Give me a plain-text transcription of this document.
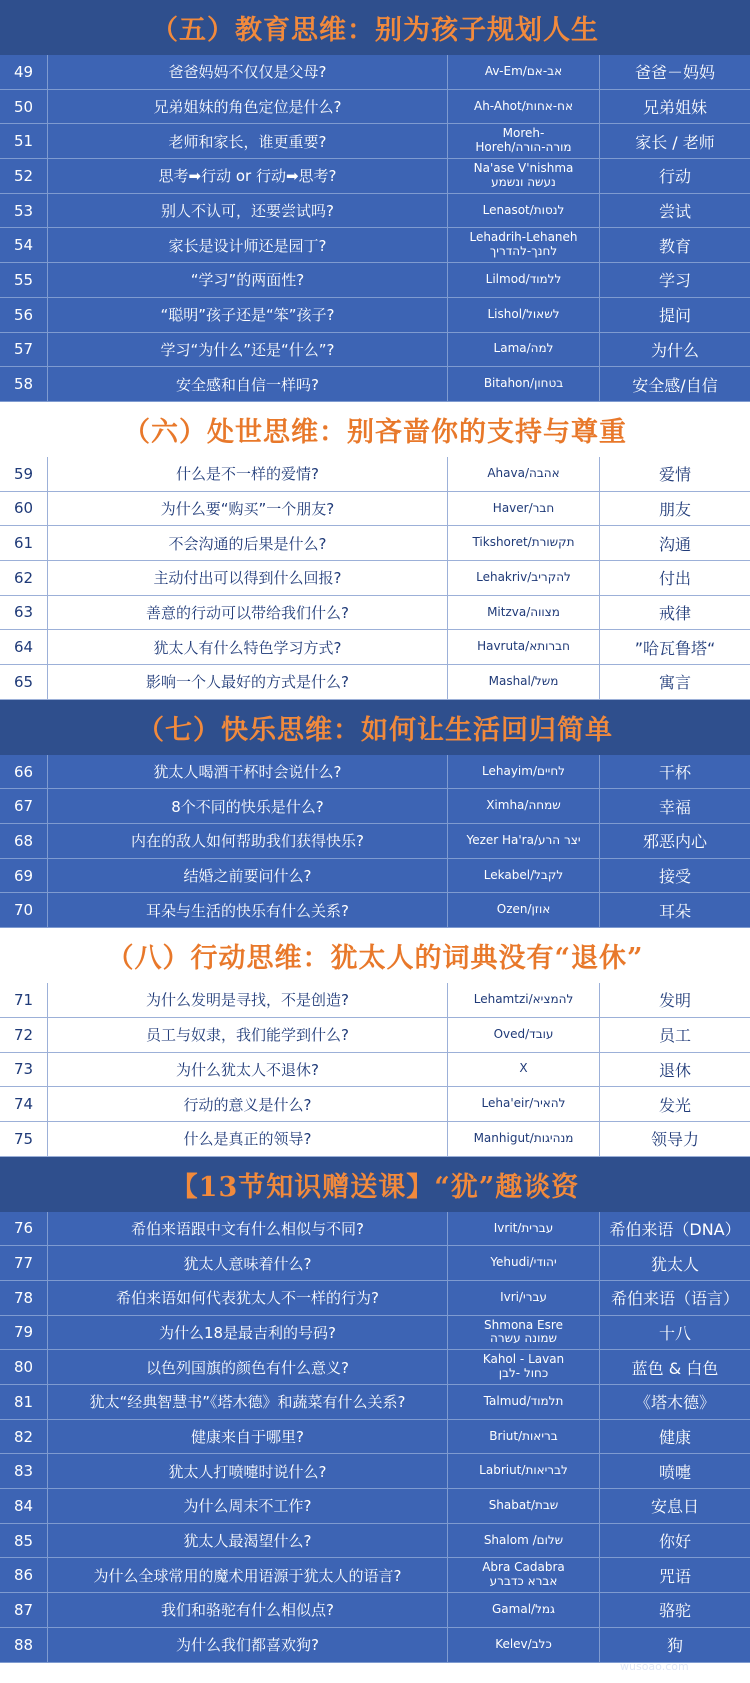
（五）教育思维：别为孩子规划人生
49	爸爸妈妈不仅仅是父母?	Av-Em/אב-אם	爸爸－妈妈
50	兄弟姐妹的角色定位是什么?	Ah-Ahot/אח-אחות	兄弟姐妹
51	老师和家长，谁更重要?	Moreh-
Horeh/מורה-הורה	家长 / 老师
52	思考➡行动 or 行动➡思考?	Na'ase V'nishma
נעשה ונשמע	行动
53	别人不认可，还要尝试吗?	Lenasot/לנסות	尝试
54	家长是设计师还是园丁?	Lehadrih-Lehaneh
לחנך-להדריך	教育
55	“学习”的两面性?	Lilmod/ללמוד	学习
56	“聪明”孩子还是“笨”孩子?	Lishol/לשאול	提问
57	学习“为什么”还是“什么”?	Lama/למה	为什么
58	安全感和自信一样吗?	Bitahon/בטחון	安全感/自信
（六）处世思维：别吝啬你的支持与尊重
59	什么是不一样的爱情?	Ahava/אהבה	爱情
60	为什么要“购买”一个朋友?	Haver/חבר	朋友
61	不会沟通的后果是什么?	Tikshoret/תקשורת	沟通
62	主动付出可以得到什么回报?	Lehakriv/להקריב	付出
63	善意的行动可以带给我们什么?	Mitzva/מצווה	戒律
64	犹太人有什么特色学习方式?	Havruta/חברותא	”哈瓦鲁塔“
65	影响一个人最好的方式是什么?	Mashal/משל	寓言
（七）快乐思维：如何让生活回归简单
66	犹太人喝酒干杯时会说什么?	Lehayim/לחיים	干杯
67	8个不同的快乐是什么?	Ximha/שמחה	幸福
68	内在的敌人如何帮助我们获得快乐?	Yezer Ha'ra/יצר הרע	邪恶内心
69	结婚之前要问什么?	Lekabel/לקבל	接受
70	耳朵与生活的快乐有什么关系?	Ozen/אוזן	耳朵
（八）行动思维：犹太人的词典没有“退休”
71	为什么发明是寻找，不是创造?	Lehamtzi/להמציא	发明
72	员工与奴隶，我们能学到什么?	Oved/עובד	员工
73	为什么犹太人不退休?	X	退休
74	行动的意义是什么?	Leha'eir/להאיר	发光
75	什么是真正的领导?	Manhigut/מנהיגות	领导力
【13节知识赠送课】“犹”趣谈资
76	希伯来语跟中文有什么相似与不同?	Ivrit/עברית	希伯来语（DNA）
77	犹太人意味着什么?	Yehudi/יהודי	犹太人
78	希伯来语如何代表犹太人不一样的行为?	Ivri/עברי	希伯来语（语言）
79	为什么18是最吉利的号码?	Shmona Esre
שמונה עשרה	十八
80	以色列国旗的颜色有什么意义?	Kahol - Lavan
כחול -לבן	蓝色 & 白色
81	犹太“经典智慧书”《塔木德》和蔬菜有什么关系?	Talmud/תלמוד	《塔木德》
82	健康来自于哪里?	Briut/בריאות	健康
83	犹太人打喷嚏时说什么?	Labriut/לבריאות	喷嚏
84	为什么周末不工作?	Shabat/שבת	安息日
85	犹太人最渴望什么?	Shalom /שלום	你好
86	为什么全球常用的魔术用语源于犹太人的语言?	Abra Cadabra
אברא כדברע	咒语
87	我们和骆驼有什么相似点?	Gamal/גמל	骆驼
88	为什么我们都喜欢狗?	Kelev/כלב	狗
wusoao.com
